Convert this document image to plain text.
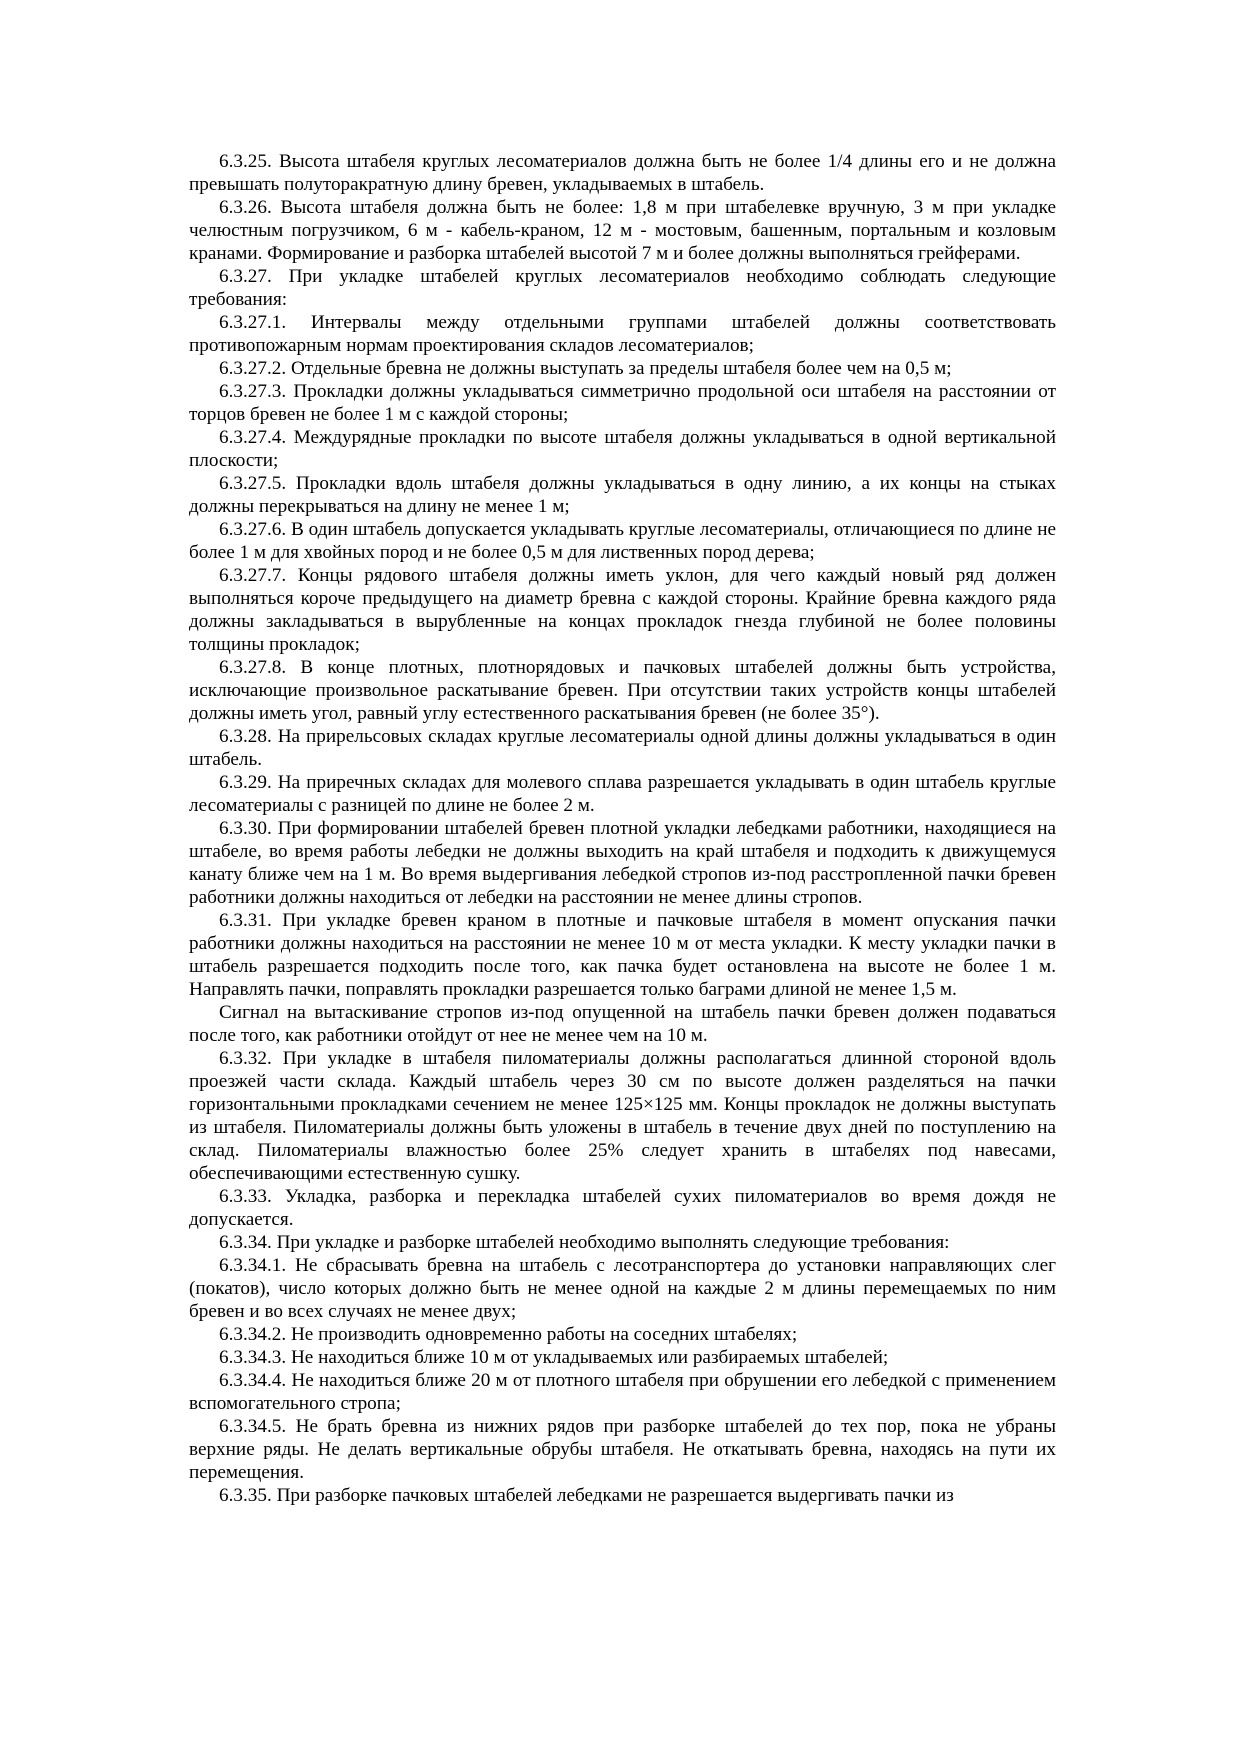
6.3.25. Высота штабеля круглых лесоматериалов должна быть не более 1/4 длины его и не должна превышать полуторакратную длину бревен, укладываемых в штабель.

6.3.26. Высота штабеля должна быть не более: 1,8 м при штабелевке вручную, 3 м при укладке челюстным погрузчиком, 6 м - кабель-краном, 12 м - мостовым, башенным, портальным и козловым кранами. Формирование и разборка штабелей высотой 7 м и более должны выполняться грейферами.

6.3.27. При укладке штабелей круглых лесоматериалов необходимо соблюдать следующие требования:

6.3.27.1. Интервалы между отдельными группами штабелей должны соответствовать противопожарным нормам проектирования складов лесоматериалов;

6.3.27.2. Отдельные бревна не должны выступать за пределы штабеля более чем на 0,5 м;

6.3.27.3. Прокладки должны укладываться симметрично продольной оси штабеля на расстоянии от торцов бревен не более 1 м с каждой стороны;

6.3.27.4. Междурядные прокладки по высоте штабеля должны укладываться в одной вертикальной плоскости;

6.3.27.5. Прокладки вдоль штабеля должны укладываться в одну линию, а их концы на стыках должны перекрываться на длину не менее 1 м;

6.3.27.6. В один штабель допускается укладывать круглые лесоматериалы, отличающиеся по длине не более 1 м для хвойных пород и не более 0,5 м для лиственных пород дерева;

6.3.27.7. Концы рядового штабеля должны иметь уклон, для чего каждый новый ряд должен выполняться короче предыдущего на диаметр бревна с каждой стороны. Крайние бревна каждого ряда должны закладываться в вырубленные на концах прокладок гнезда глубиной не более половины толщины прокладок;

6.3.27.8. В конце плотных, плотнорядовых и пачковых штабелей должны быть устройства, исключающие произвольное раскатывание бревен. При отсутствии таких устройств концы штабелей должны иметь угол, равный углу естественного раскатывания бревен (не более 35°).

6.3.28. На прирельсовых складах круглые лесоматериалы одной длины должны укладываться в один штабель.

6.3.29. На приречных складах для молевого сплава разрешается укладывать в один штабель круглые лесоматериалы с разницей по длине не более 2 м.

6.3.30. При формировании штабелей бревен плотной укладки лебедками работники, находящиеся на штабеле, во время работы лебедки не должны выходить на край штабеля и подходить к движущемуся канату ближе чем на 1 м. Во время выдергивания лебедкой стропов из-под расстропленной пачки бревен работники должны находиться от лебедки на расстоянии не менее длины стропов.

6.3.31. При укладке бревен краном в плотные и пачковые штабеля в момент опускания пачки работники должны находиться на расстоянии не менее 10 м от места укладки. К месту укладки пачки в штабель разрешается подходить после того, как пачка будет остановлена на высоте не более 1 м. Направлять пачки, поправлять прокладки разрешается только баграми длиной не менее 1,5 м.

Сигнал на вытаскивание стропов из-под опущенной на штабель пачки бревен должен подаваться после того, как работники отойдут от нее не менее чем на 10 м.

6.3.32. При укладке в штабеля пиломатериалы должны располагаться длинной стороной вдоль проезжей части склада. Каждый штабель через 30 см по высоте должен разделяться на пачки горизонтальными прокладками сечением не менее 125×125 мм. Концы прокладок не должны выступать из штабеля. Пиломатериалы должны быть уложены в штабель в течение двух дней по поступлению на склад. Пиломатериалы влажностью более 25% следует хранить в штабелях под навесами, обеспечивающими естественную сушку.

6.3.33. Укладка, разборка и перекладка штабелей сухих пиломатериалов во время дождя не допускается.

6.3.34. При укладке и разборке штабелей необходимо выполнять следующие требования:

6.3.34.1. Не сбрасывать бревна на штабель с лесотранспортера до установки направляющих слег (покатов), число которых должно быть не менее одной на каждые 2 м длины перемещаемых по ним бревен и во всех случаях не менее двух;

6.3.34.2. Не производить одновременно работы на соседних штабелях;

6.3.34.3. Не находиться ближе 10 м от укладываемых или разбираемых штабелей;

6.3.34.4. Не находиться ближе 20 м от плотного штабеля при обрушении его лебедкой с применением вспомогательного стропа;

6.3.34.5. Не брать бревна из нижних рядов при разборке штабелей до тех пор, пока не убраны верхние ряды. Не делать вертикальные обрубы штабеля. Не откатывать бревна, находясь на пути их перемещения.

6.3.35. При разборке пачковых штабелей лебедками не разрешается выдергивать пачки из
